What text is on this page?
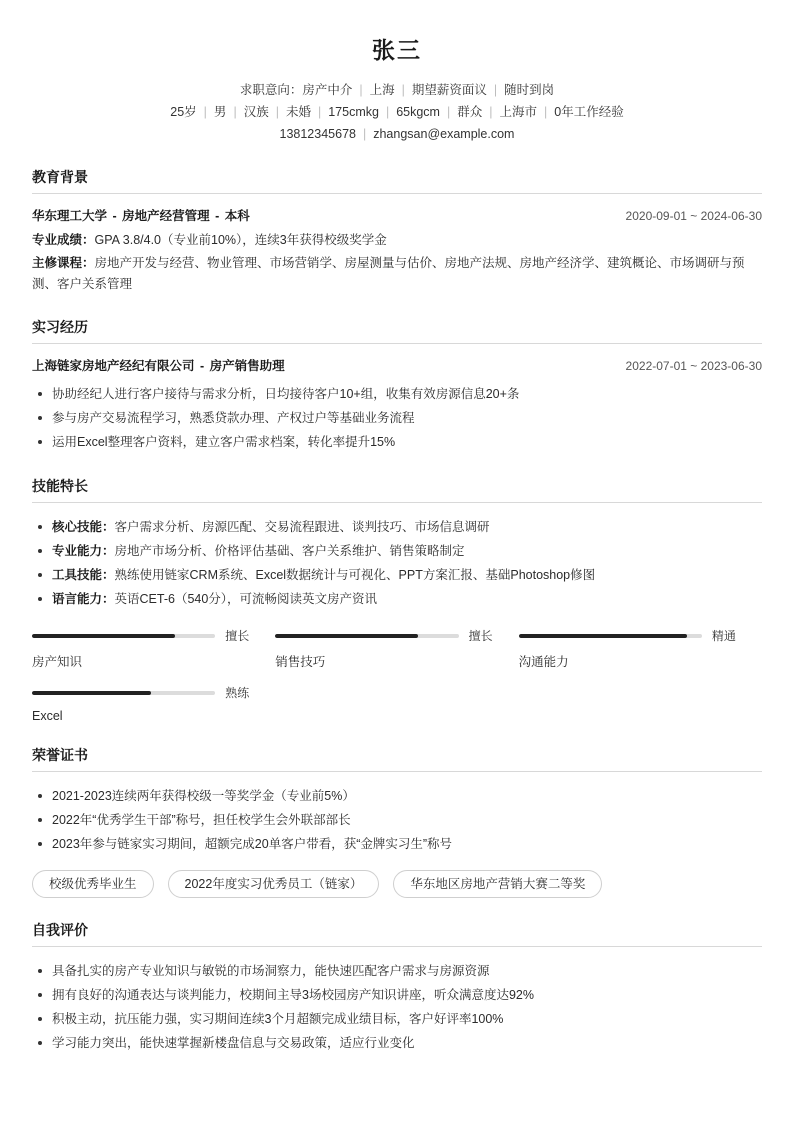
张三
求职意向：房产中介 | 上海 | 期望薪资面议 | 随时到岗
25岁 | 男 | 汉族 | 未婚 | 175cmkg | 65kgcm | 群众 | 上海市 | 0年工作经验
13812345678 | zhangsan@example.com
教育背景
华东理工大学 - 房地产经营管理 - 本科	2020-09-01 ~ 2024-06-30
专业成绩：GPA 3.8/4.0（专业前10%），连续3年获得校级奖学金
主修课程：房地产开发与经营、物业管理、市场营销学、房屋测量与估价、房地产法规、房地产经济学、建筑概论、市场调研与预测、客户关系管理
实习经历
上海链家房地产经纪有限公司 - 房产销售助理	2022-07-01 ~ 2023-06-30
协助经纪人进行客户接待与需求分析，日均接待客户10+组，收集有效房源信息20+条
参与房产交易流程学习，熟悉贷款办理、产权过户等基础业务流程
运用Excel整理客户资料，建立客户需求档案，转化率提升15%
技能特长
核心技能：客户需求分析、房源匹配、交易流程跟进、谈判技巧、市场信息调研
专业能力：房地产市场分析、价格评估基础、客户关系维护、销售策略制定
工具技能：熟练使用链家CRM系统、Excel数据统计与可视化、PPT方案汇报、基础Photoshop修图
语言能力：英语CET-6（540分），可流畅阅读英文房产资讯
擅长
房产知识
擅长
销售技巧
精通
沟通能力
熟练
Excel
荣誉证书
2021-2023连续两年获得校级一等奖学金（专业前5%）
2022年“优秀学生干部”称号，担任校学生会外联部部长
2023年参与链家实习期间，超额完成20单客户带看，获“金牌实习生”称号
校级优秀毕业生	2022年度实习优秀员工（链家）	华东地区房地产营销大赛二等奖
自我评价
具备扎实的房产专业知识与敏锐的市场洞察力，能快速匹配客户需求与房源资源
拥有良好的沟通表达与谈判能力，校期间主导3场校园房产知识讲座，听众满意度达92%
积极主动，抗压能力强，实习期间连续3个月超额完成业绩目标，客户好评率100%
学习能力突出，能快速掌握新楼盘信息与交易政策，适应行业变化
